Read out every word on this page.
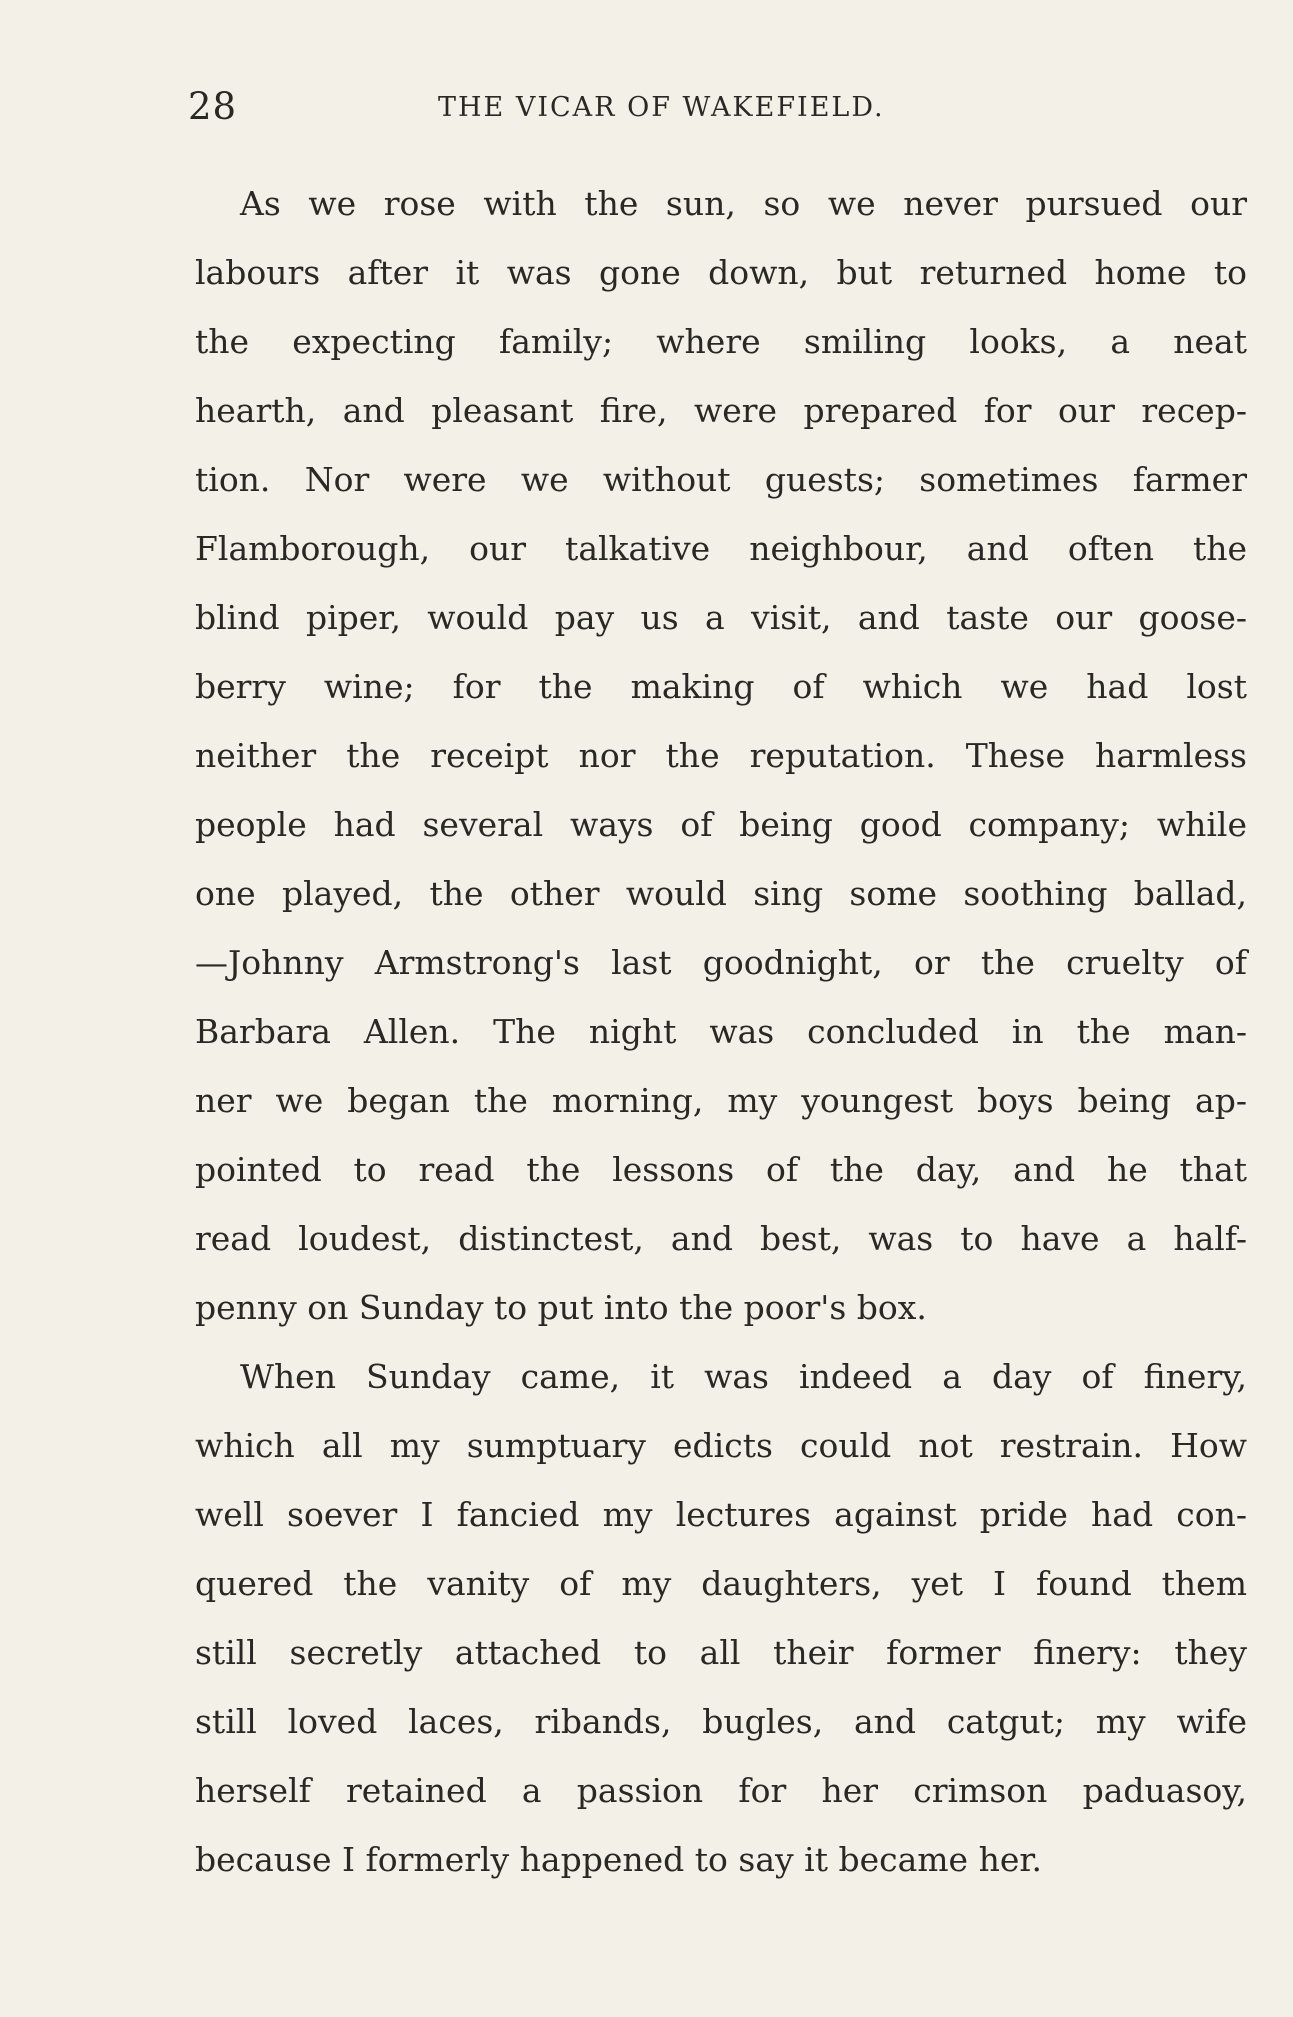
28	THE VICAR OF WAKEFIELD.
As we rose with the sun, so we never pursued our
labours after it was gone down, but returned home to
the expecting family; where smiling looks, a neat
hearth, and pleasant fire, were prepared for our recep-
tion. Nor were we without guests; sometimes farmer
Flamborough, our talkative neighbour, and often the
blind piper, would pay us a visit, and taste our goose-
berry wine; for the making of which we had lost
neither the receipt nor the reputation. These harmless
people had several ways of being good company; while
one played, the other would sing some soothing ballad,
—Johnny Armstrong's last goodnight, or the cruelty of
Barbara Allen. The night was concluded in the man-
ner we began the morning, my youngest boys being ap-
pointed to read the lessons of the day, and he that
read loudest, distinctest, and best, was to have a half-
penny on Sunday to put into the poor's box.
When Sunday came, it was indeed a day of finery,
which all my sumptuary edicts could not restrain. How
well soever I fancied my lectures against pride had con-
quered the vanity of my daughters, yet I found them
still secretly attached to all their former finery: they
still loved laces, ribands, bugles, and catgut; my wife
herself retained a passion for her crimson paduasoy,
because I formerly happened to say it became her.
